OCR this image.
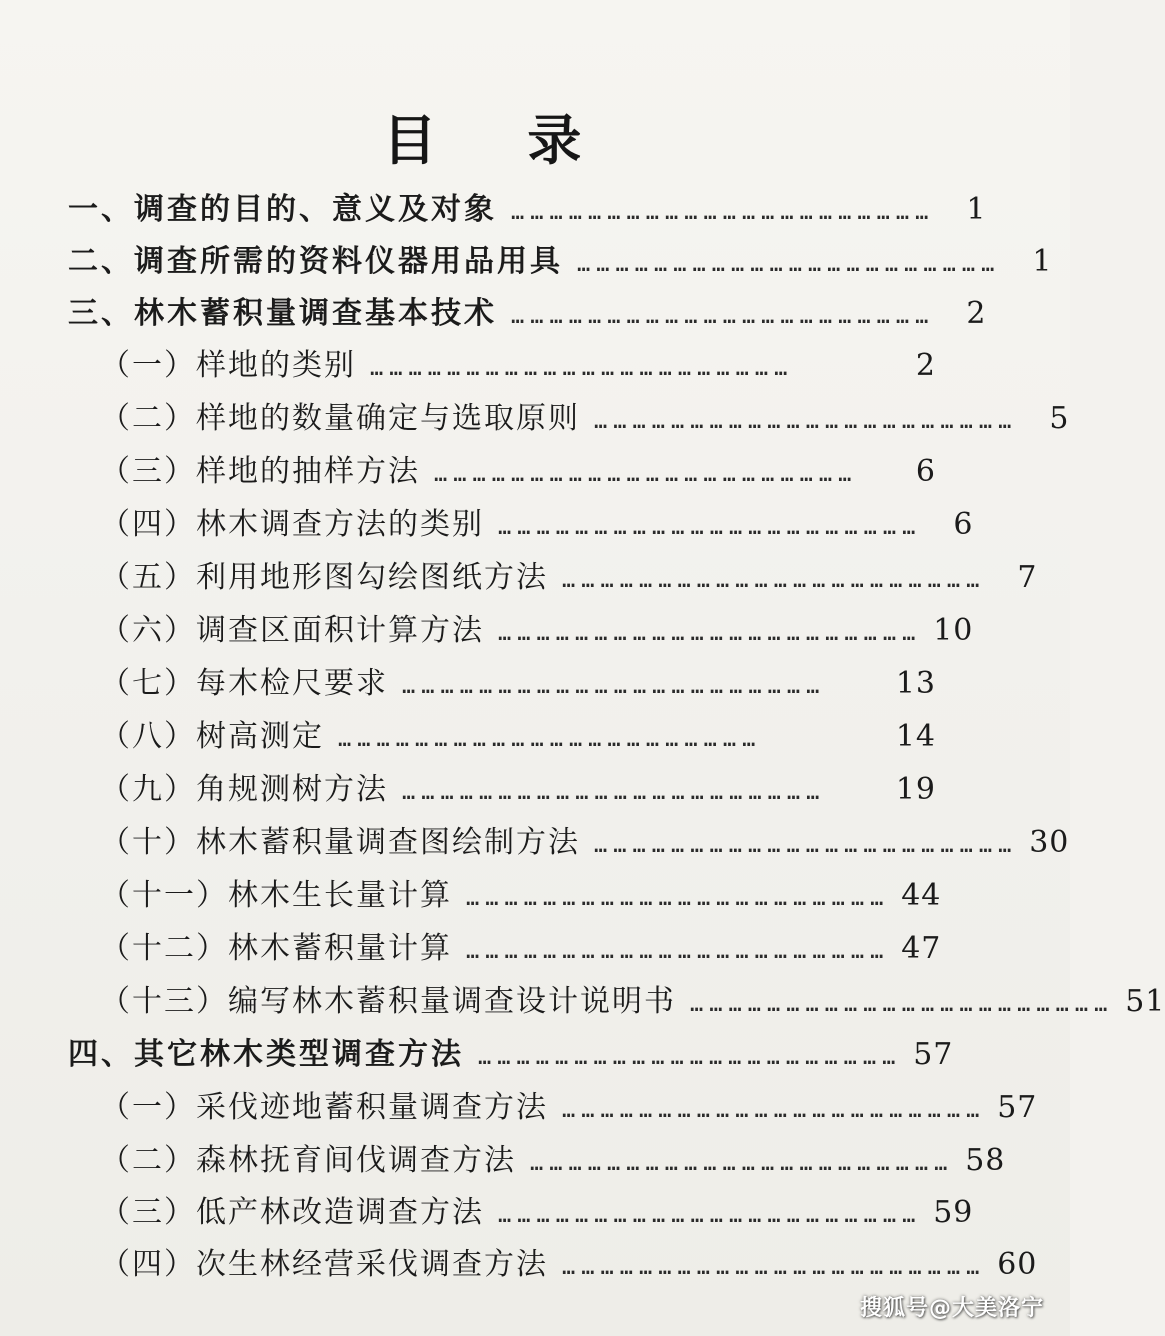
目 录
一、调查的目的、意义及对象 …………………………………………………………	1
二、调查所需的资料仪器用品用具 …………………………………………………………	1
三、林木蓄积量调查基本技术 …………………………………………………………	2
（一）样地的类别 …………………………………………………………	2
（二）样地的数量确定与选取原则 …………………………………………………………	5
（三）样地的抽样方法 …………………………………………………………	6
（四）林木调查方法的类别 …………………………………………………………	6
（五）利用地形图勾绘图纸方法 …………………………………………………………	7
（六）调查区面积计算方法 ………………………………………………………… 10
（七）每木检尺要求 …………………………………………………………	13
（八）树高测定 …………………………………………………………	14
（九）角规测树方法 …………………………………………………………	19
（十）林木蓄积量调查图绘制方法 ………………………………………………………… 30
（十一）林木生长量计算 ………………………………………………………… 44
（十二）林木蓄积量计算 ………………………………………………………… 47
（十三）编写林木蓄积量调查设计说明书 ………………………………………………………… 51
四、其它林木类型调查方法 ………………………………………………………… 57
（一）采伐迹地蓄积量调查方法 ………………………………………………………… 57
（二）森林抚育间伐调查方法 ………………………………………………………… 58
（三）低产林改造调查方法 ………………………………………………………… 59
（四）次生林经营采伐调查方法 ………………………………………………………… 60
搜狐号@大美洛宁
